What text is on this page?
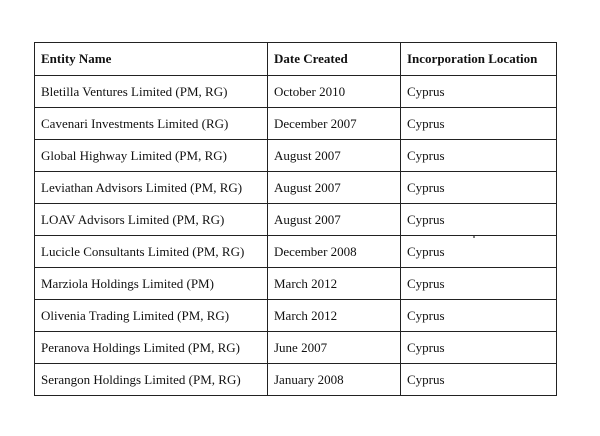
Entity Name	Date Created	Incorporation Location
Bletilla Ventures Limited (PM, RG)	October 2010	Cyprus
Cavenari Investments Limited (RG)	December 2007	Cyprus
Global Highway Limited (PM, RG)	August 2007	Cyprus
Leviathan Advisors Limited (PM, RG)	August 2007	Cyprus
LOAV Advisors Limited (PM, RG)	August 2007	Cyprus
Lucicle Consultants Limited (PM, RG)	December 2008	Cyprus
Marziola Holdings Limited (PM)	March 2012	Cyprus
Olivenia Trading Limited (PM, RG)	March 2012	Cyprus
Peranova Holdings Limited (PM, RG)	June 2007	Cyprus
Serangon Holdings Limited (PM, RG)	January 2008	Cyprus
